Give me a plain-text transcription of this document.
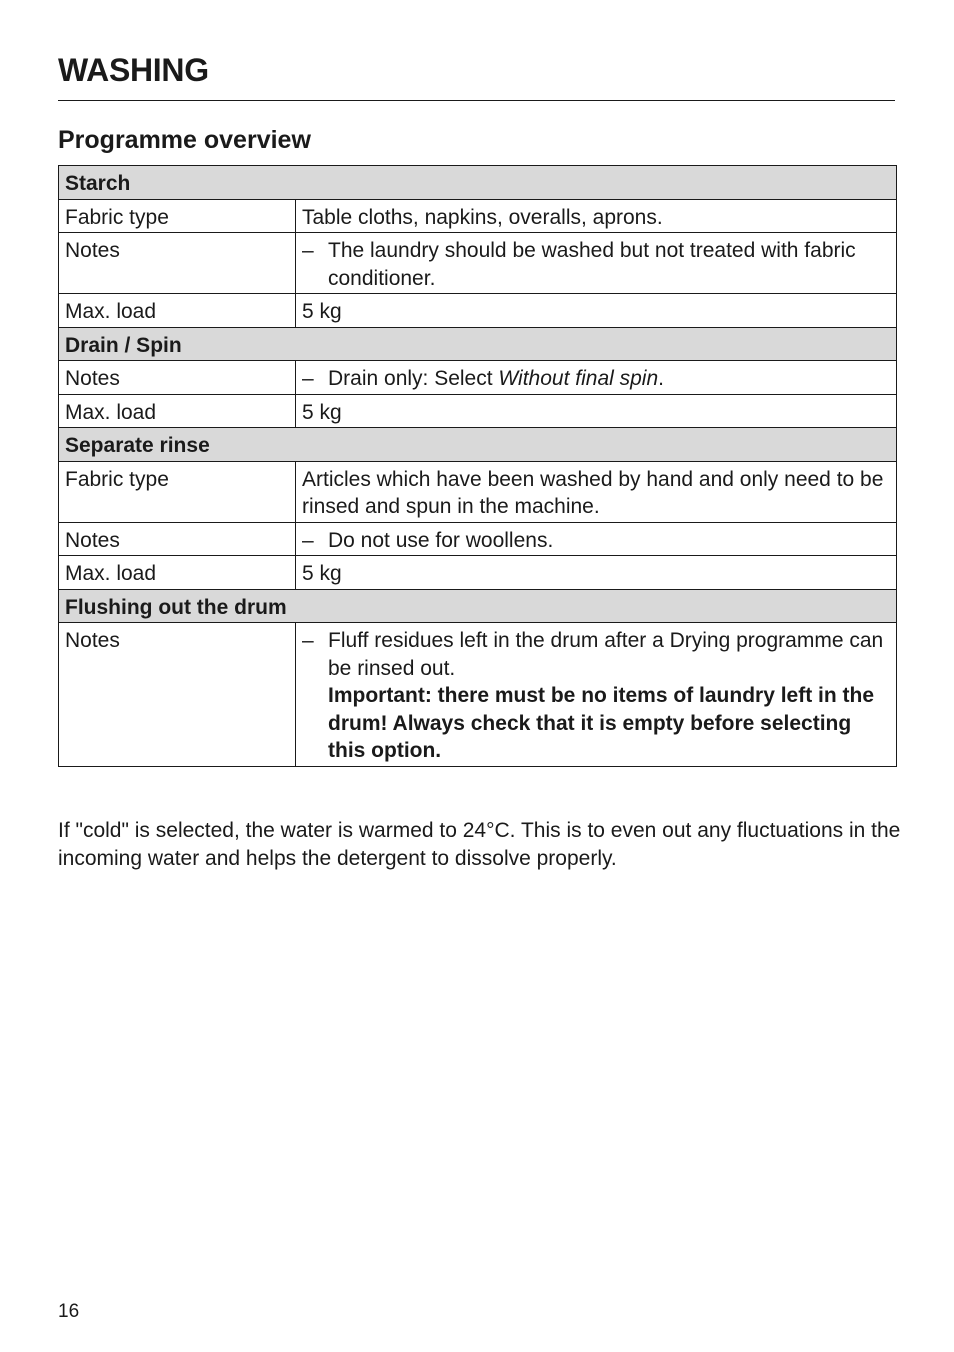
WASHING
Programme overview
Starch	
Fabric type	Table cloths, napkins, overalls, aprons.
Notes	– The laundry should be washed but not treated with fabric conditioner.

Max. load	5 kg
Drain / Spin	
Notes	– Drain only: Select Without final spin.

Max. load	5 kg
Separate rinse	
Fabric type	Articles which have been washed by hand and only need to be rinsed and spun in the machine.
Notes	– Do not use for woollens.

Max. load	5 kg
Flushing out the drum	
Notes	– Fluff residues left in the drum after a Drying programme can be rinsed out.
Important: there must be no items of laundry left in the drum! Always check that it is empty before selecting this option.

If "cold" is selected, the water is warmed to 24°C. This is to even out any fluctuations in the incoming water and helps the detergent to dissolve properly.

16
